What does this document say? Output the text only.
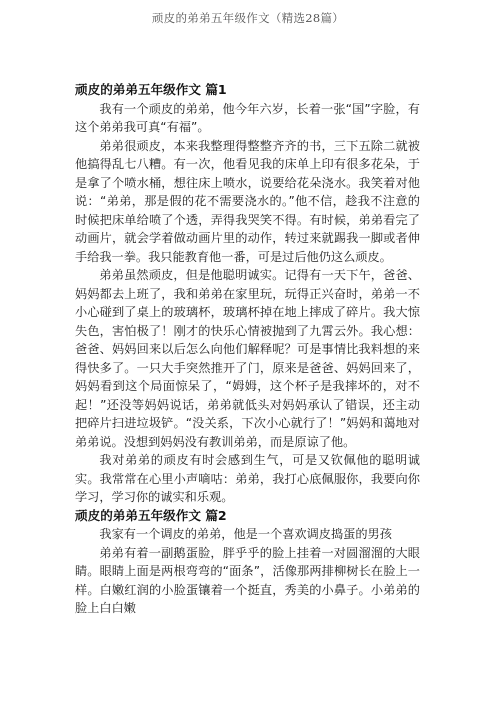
顽皮的弟弟五年级作文（精选28篇）
顽皮的弟弟五年级作文 篇1

我有一个顽皮的弟弟，他今年六岁，长着一张“国”字脸，有这个弟弟我可真“有福”。

弟弟很顽皮，本来我整理得整整齐齐的书，三下五除二就被他搞得乱七八糟。有一次，他看见我的床单上印有很多花朵，于是拿了个喷水桶，想往床上喷水，说要给花朵浇水。我笑着对他说：“弟弟，那是假的花不需要浇水的。”他不信，趁我不注意的时候把床单给喷了个透，弄得我哭笑不得。有时候，弟弟看完了动画片，就会学着做动画片里的动作，转过来就踢我一脚或者伸手给我一拳。我只能教育他一番，可是过后他仍这么顽皮。

弟弟虽然顽皮，但是他聪明诚实。记得有一天下午，爸爸、妈妈都去上班了，我和弟弟在家里玩，玩得正兴奋时，弟弟一不小心碰到了桌上的玻璃杯，玻璃杯掉在地上摔成了碎片。我大惊失色，害怕极了！刚才的快乐心情被抛到了九霄云外。我心想：爸爸、妈妈回来以后怎么向他们解释呢？可是事情比我料想的来得快多了。一只大手突然推开了门，原来是爸爸、妈妈回来了，妈妈看到这个局面惊呆了，“姆姆，这个杯子是我摔坏的，对不起！”还没等妈妈说话，弟弟就低头对妈妈承认了错误，还主动把碎片扫进垃圾铲。“没关系，下次小心就行了！”妈妈和蔼地对弟弟说。没想到妈妈没有教训弟弟，而是原谅了他。

我对弟弟的顽皮有时会感到生气，可是又钦佩他的聪明诚实。我常常在心里小声嘀咕：弟弟，我打心底佩服你，我要向你学习，学习你的诚实和乐观。

顽皮的弟弟五年级作文 篇2

我家有一个调皮的弟弟，他是一个喜欢调皮捣蛋的男孩

弟弟有着一副鹅蛋脸，胖乎乎的脸上挂着一对圆溜溜的大眼睛。眼睛上面是两根弯弯的“面条”，活像那两排柳树长在脸上一样。白嫩红润的小脸蛋镶着一个挺直，秀美的小鼻子。小弟弟的脸上白白嫩
